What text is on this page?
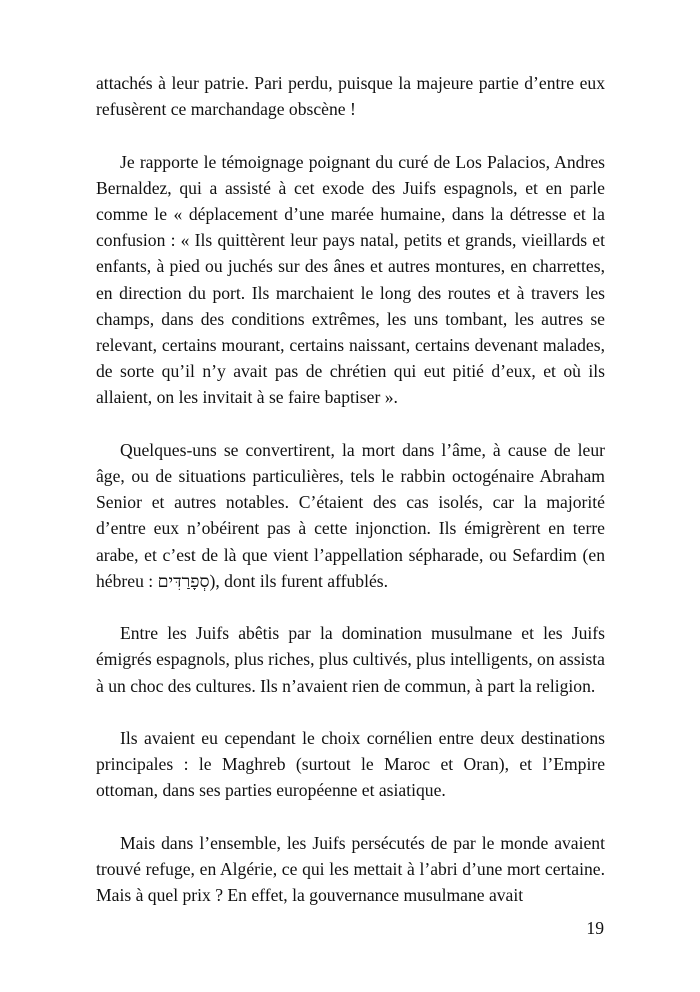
attachés à leur patrie. Pari perdu, puisque la majeure partie d’entre eux refusèrent ce marchandage obscène !

Je rapporte le témoignage poignant du curé de Los Palacios, Andres Bernaldez, qui a assisté à cet exode des Juifs espagnols, et en parle comme le « déplacement d’une marée humaine, dans la détresse et la confusion : « Ils quittèrent leur pays natal, petits et grands, vieillards et enfants, à pied ou juchés sur des ânes et autres montures, en charrettes, en direction du port. Ils marchaient le long des routes et à travers les champs, dans des conditions extrêmes, les uns tombant, les autres se relevant, certains mourant, certains naissant, certains devenant malades, de sorte qu’il n’y avait pas de chrétien qui eut pitié d’eux, et où ils allaient, on les invitait à se faire baptiser ».

Quelques-uns se convertirent, la mort dans l’âme, à cause de leur âge, ou de situations particulières, tels le rabbin octogénaire Abraham Senior et autres notables. C’étaient des cas isolés, car la majorité d’entre eux n’obéirent pas à cette injonction. Ils émigrèrent en terre arabe, et c’est de là que vient l’appellation sépharade, ou Sefardim (en hébreu : סְפָרַדִּים), dont ils furent affublés.

Entre les Juifs abêtis par la domination musulmane et les Juifs émigrés espagnols, plus riches, plus cultivés, plus intelligents, on assista à un choc des cultures. Ils n’avaient rien de commun, à part la religion.

Ils avaient eu cependant le choix cornélien entre deux destinations principales : le Maghreb (surtout le Maroc et Oran), et l’Empire ottoman, dans ses parties européenne et asiatique.

Mais dans l’ensemble, les Juifs persécutés de par le monde avaient trouvé refuge, en Algérie, ce qui les mettait à l’abri d’une mort certaine. Mais à quel prix ? En effet, la gouvernance musulmane avait

19
